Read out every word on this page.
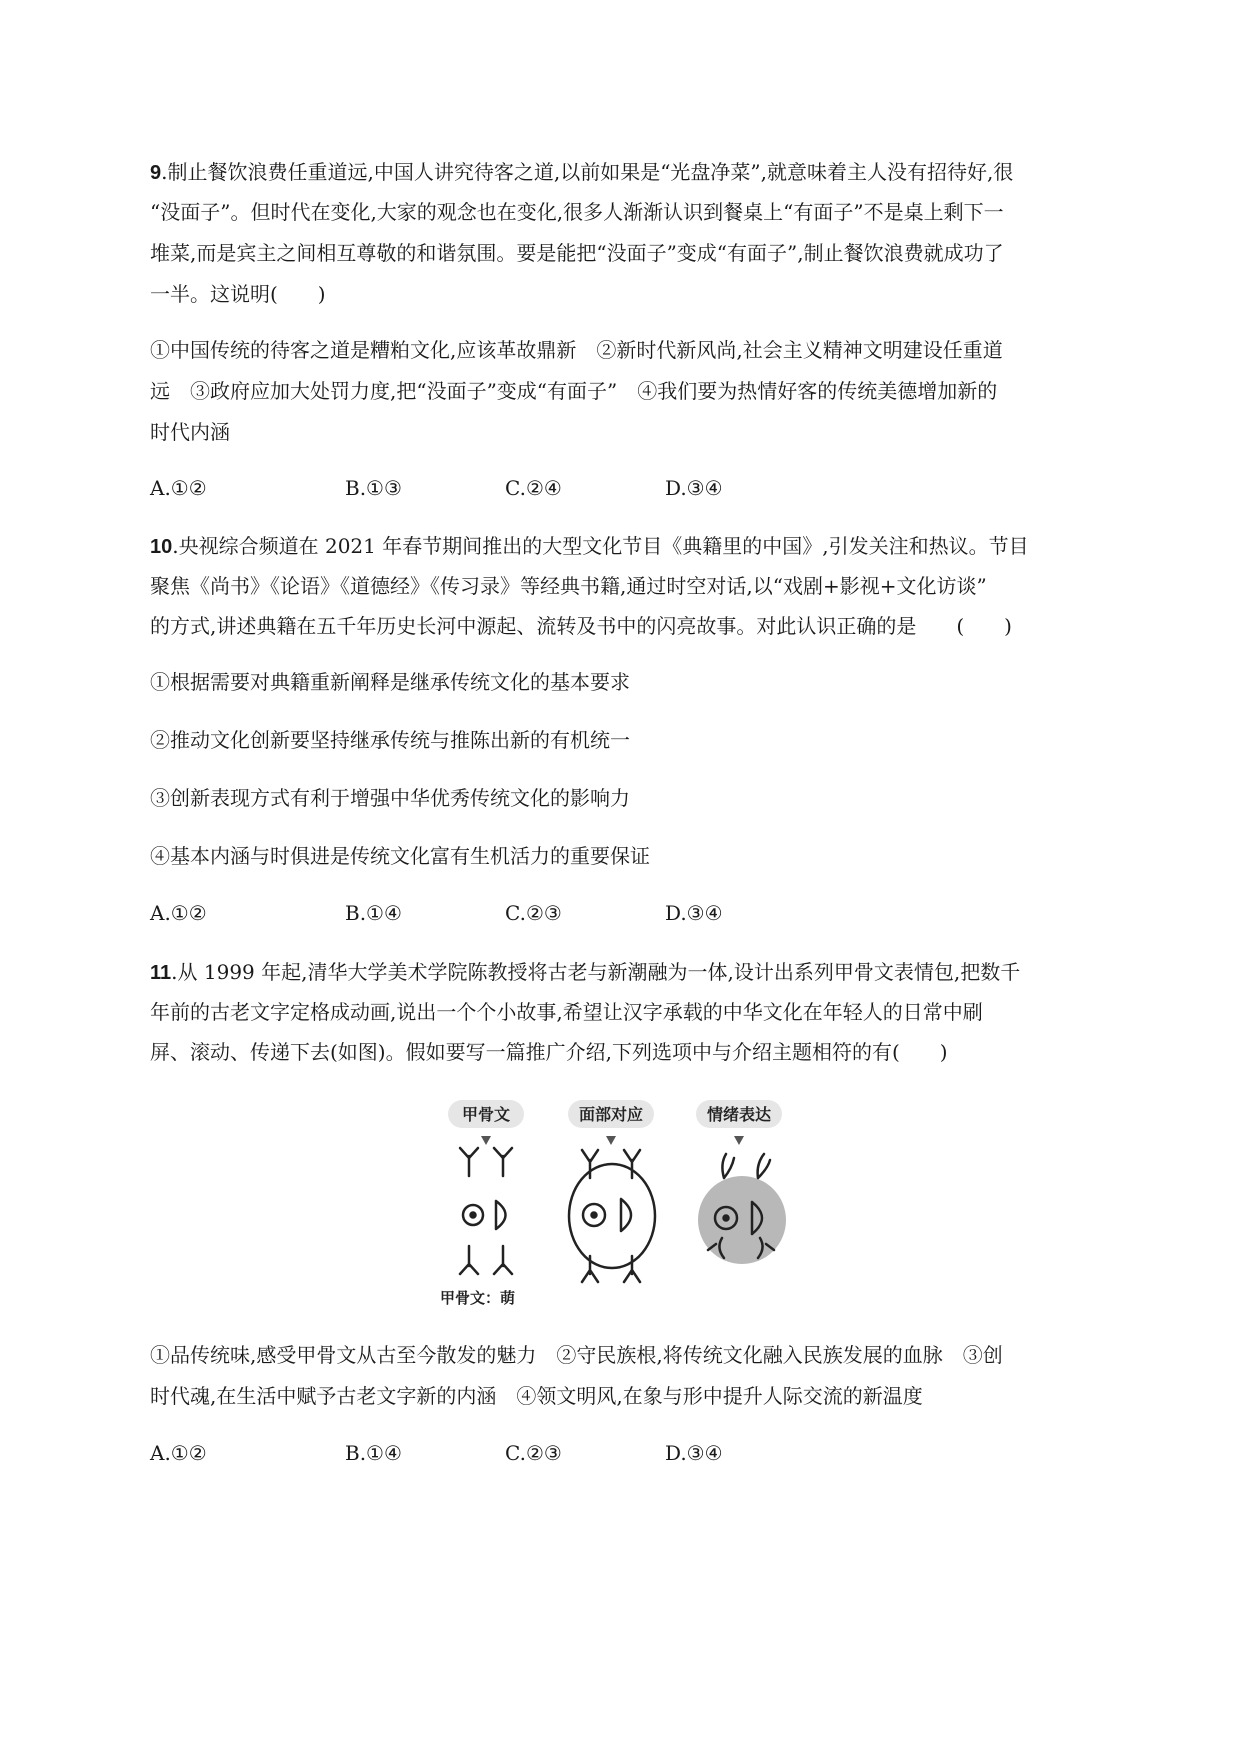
9.制止餐饮浪费任重道远,中国人讲究待客之道,以前如果是“光盘净菜”,就意味着主人没有招待好,很
“没面子”。但时代在变化,大家的观念也在变化,很多人渐渐认识到餐桌上“有面子”不是桌上剩下一
堆菜,而是宾主之间相互尊敬的和谐氛围。要是能把“没面子”变成“有面子”,制止餐饮浪费就成功了
一半。这说明(　　)
①中国传统的待客之道是糟粕文化,应该革故鼎新　②新时代新风尚,社会主义精神文明建设任重道
远　③政府应加大处罚力度,把“没面子”变成“有面子”　④我们要为热情好客的传统美德增加新的
时代内涵
A.①②	B.①③	C.②④	D.③④
10.央视综合频道在 2021 年春节期间推出的大型文化节目《典籍里的中国》,引发关注和热议。节目
聚焦《尚书》《论语》《道德经》《传习录》等经典书籍,通过时空对话,以“戏剧+影视+文化访谈”
的方式,讲述典籍在五千年历史长河中源起、流转及书中的闪亮故事。对此认识正确的是　　(　　)
①根据需要对典籍重新阐释是继承传统文化的基本要求
②推动文化创新要坚持继承传统与推陈出新的有机统一
③创新表现方式有利于增强中华优秀传统文化的影响力
④基本内涵与时俱进是传统文化富有生机活力的重要保证
A.①②	B.①④	C.②③	D.③④
11.从 1999 年起,清华大学美术学院陈教授将古老与新潮融为一体,设计出系列甲骨文表情包,把数千
年前的古老文字定格成动画,说出一个个小故事,希望让汉字承载的中华文化在年轻人的日常中刷
屏、滚动、传递下去(如图)。假如要写一篇推广介绍,下列选项中与介绍主题相符的有(　　)
甲骨文	面部对应	情绪表达
甲骨文：萌
①品传统味,感受甲骨文从古至今散发的魅力　②守民族根,将传统文化融入民族发展的血脉　③创
时代魂,在生活中赋予古老文字新的内涵　④领文明风,在象与形中提升人际交流的新温度
A.①②	B.①④	C.②③	D.③④
